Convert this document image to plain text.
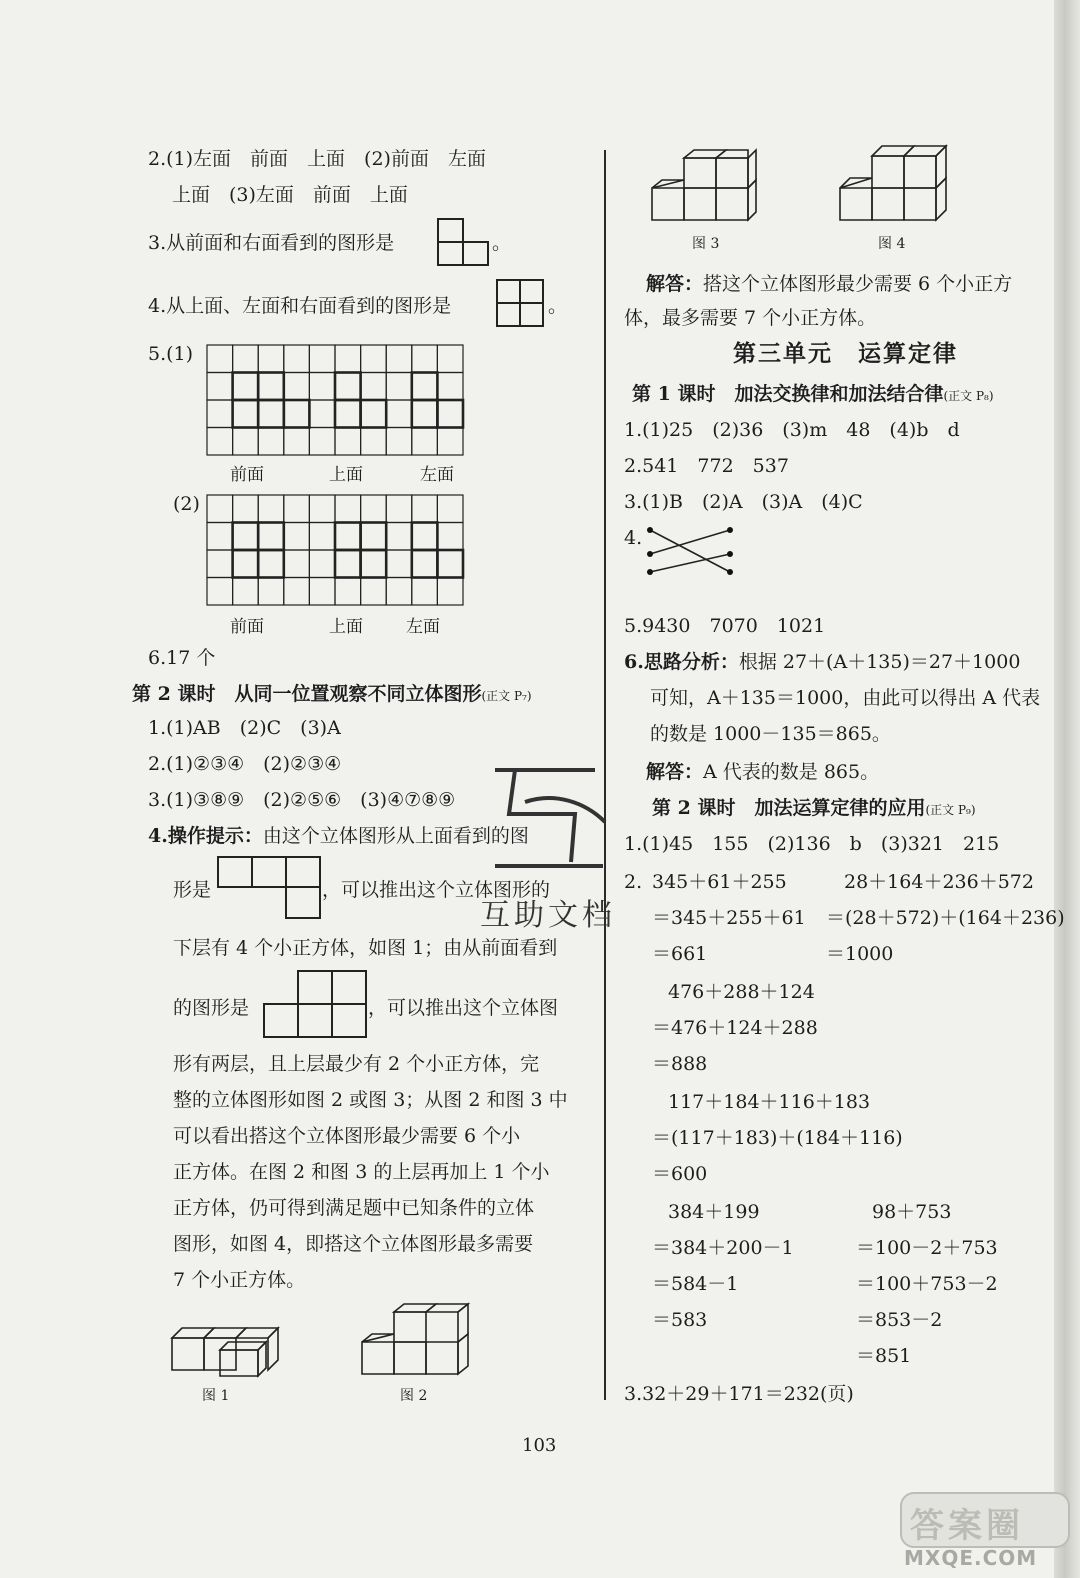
2.(1)左面　前面　上面　(2)前面　左面
上面　(3)左面　前面　上面
3.从前面和右面看到的图形是	。
4.从上面、左面和右面看到的图形是	。
5.(1)
前面	上面	左面
(2)
前面	上面	左面
6.17 个
第 2 课时　从同一位置观察不同立体图形(正文 P₇)
1.(1)AB　(2)C　(3)A
2.(1)②③④　(2)②③④
3.(1)③⑧⑨　(2)②⑤⑥　(3)④⑦⑧⑨
4.操作提示：由这个立体图形从上面看到的图
形是	，可以推出这个立体图形的
下层有 4 个小正方体，如图 1；由从前面看到
的图形是	，可以推出这个立体图
形有两层，且上层最少有 2 个小正方体，完
整的立体图形如图 2 或图 3；从图 2 和图 3 中
可以看出搭这个立体图形最少需要 6 个小
正方体。在图 2 和图 3 的上层再加上 1 个小
正方体，仍可得到满足题中已知条件的立体
图形，如图 4，即搭这个立体图形最多需要
7 个小正方体。
图 1	图 2
互助文档
图 3	图 4
解答：搭这个立体图形最少需要 6 个小正方
体，最多需要 7 个小正方体。
第三单元　运算定律
第 1 课时　加法交换律和加法结合律(正文 P₈)
1.(1)25　(2)36　(3)m　48　(4)b　d
2.541　772　537
3.(1)B　(2)A　(3)A　(4)C
4.
5.9430　7070　1021
6.思路分析：根据 27＋(A＋135)＝27＋1000
可知，A＋135＝1000，由此可以得出 A 代表
的数是 1000－135＝865。
解答：A 代表的数是 865。
第 2 课时　加法运算定律的应用(正文 P₉)
1.(1)45　155　(2)136　b　(3)321　215
2. 345＋61＋255
＝345＋255＋61
＝661
28＋164＋236＋572
＝(28＋572)＋(164＋236)
＝1000
476＋288＋124
＝476＋124＋288
＝888
117＋184＋116＋183
＝(117＋183)＋(184＋116)
＝600
384＋199
＝384＋200－1
＝584－1
＝583
98＋753
＝100－2＋753
＝100＋753－2
＝853－2
＝851
3.32＋29＋171＝232(页)
103
答案圈
MXQE.COM
